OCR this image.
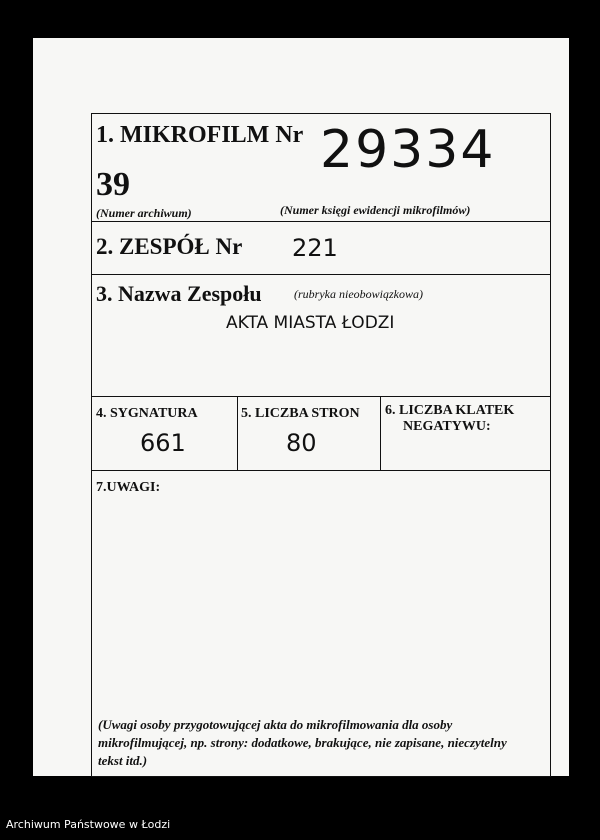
1. MIKROFILM Nr
39
29334
(Numer archiwum)	(Numer księgi ewidencji mikrofilmów)
2. ZESPÓŁ Nr 221
3. Nazwa Zespołu	(rubryka nieobowiązkowa)
AKTA MIASTA ŁODZI
4. SYGNATURA
661
5. LICZBA STRON
80
6. LICZBA KLATEK
NEGATYWU:
7.UWAGI:
(Uwagi osoby przygotowującej akta do mikrofilmowania dla osoby mikrofilmującej, np. strony: dodatkowe, brakujące, nie zapisane, nieczytelny tekst itd.)
Archiwum Państwowe w Łodzi
